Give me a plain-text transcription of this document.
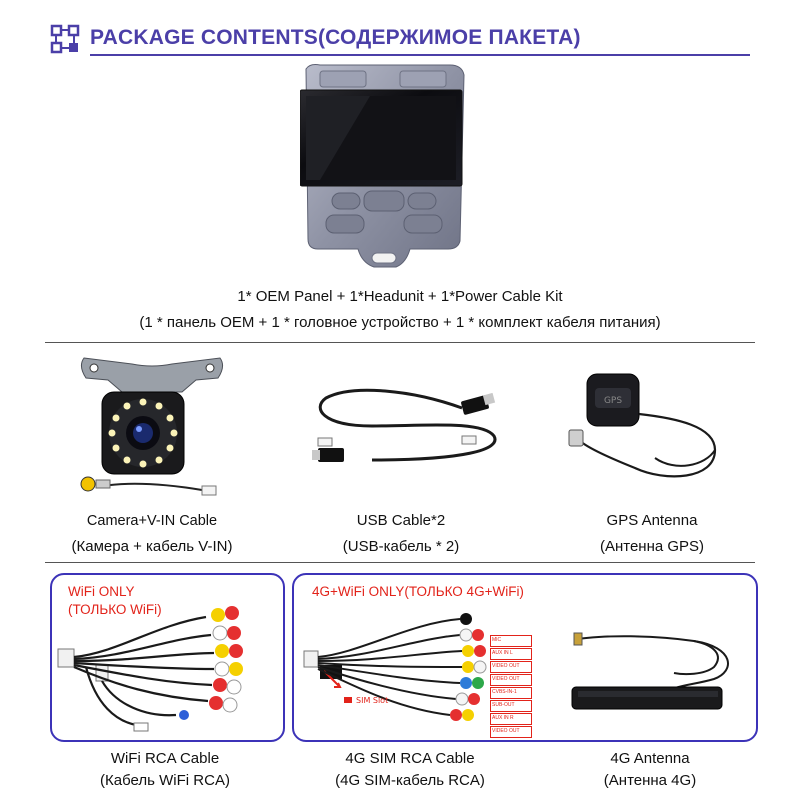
PACKAGE CONTENTS(СОДЕРЖИМОЕ ПАКЕТА)
1* OEM Panel + 1*Headunit + 1*Power Cable Kit
(1 * панель OEM + 1 * головное устройство + 1 * комплект кабеля питания)
GPS
Camera+V-IN Cable
(Камера + кабель V-IN)
USB Cable*2
(USB-кабель * 2)
GPS Antenna
(Антенна GPS)
WiFi ONLY
(ТОЛЬКО WiFi)
WiFi RCA Cable
(Кабель WiFi RCA)
4G+WiFi ONLY(ТОЛЬКО 4G+WiFi)
SIM Slot
MIC
AUX IN L
VIDEO OUT
VIDEO OUT
CVBS-IN-1
SUB-OUT
AUX IN R
VIDEO OUT
4G SIM RCA Cable
(4G SIM-кабель RCA)
4G Antenna
(Антенна 4G)
